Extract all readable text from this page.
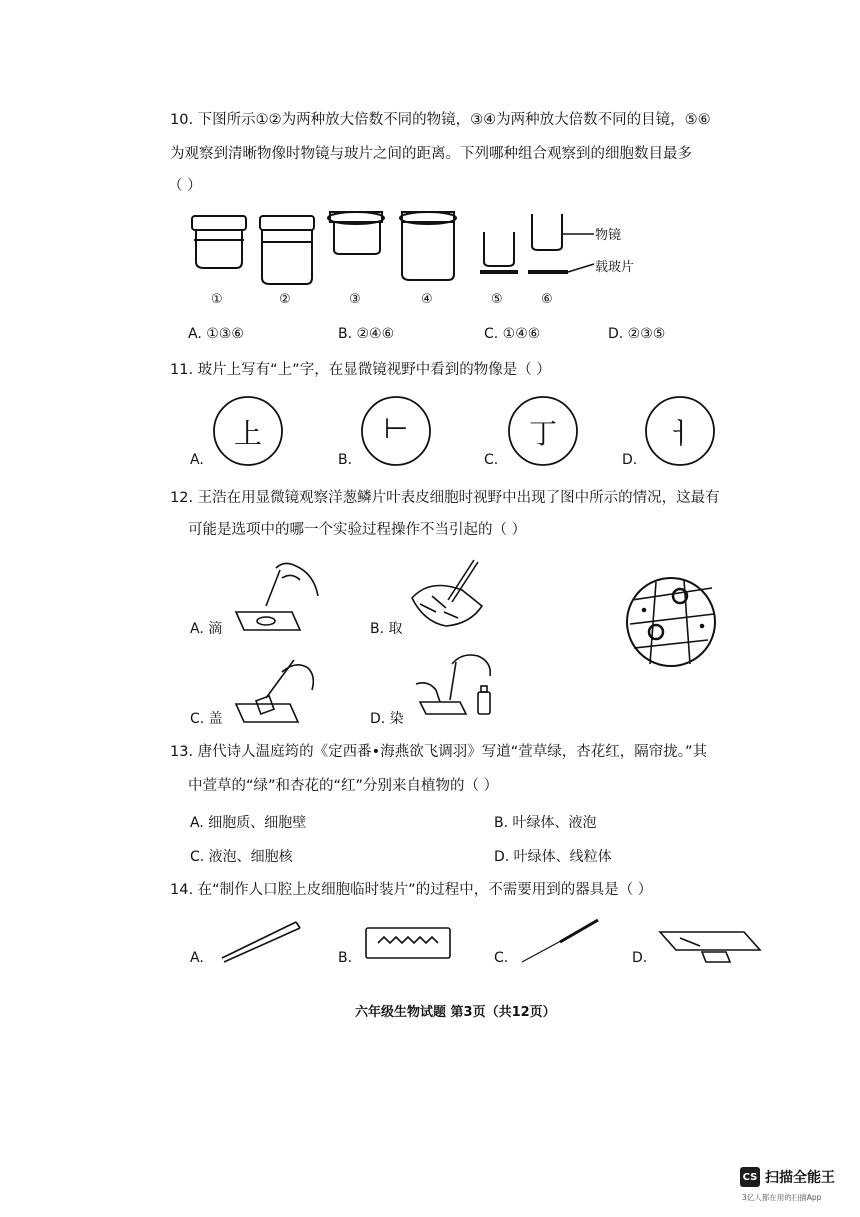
10. 下图所示①②为两种放大倍数不同的物镜，③④为两种放大倍数不同的目镜，⑤⑥
为观察到清晰物像时物镜与玻片之间的距离。下列哪种组合观察到的细胞数目最多
（ ）
物镜
载玻片
①	②	③	④	⑤	⑥
A. ①③⑥	B. ②④⑥	C. ①④⑥	D. ②③⑤
11. 玻片上写有“上”字，在显微镜视野中看到的物像是（ ）
上	⊢	丁	ㅓ
A.	B.	C.	D.
12. 王浩在用显微镜观察洋葱鳞片叶表皮细胞时视野中出现了图中所示的情况，这最有
可能是选项中的哪一个实验过程操作不当引起的（ ）
A. 滴	B. 取
C. 盖	D. 染
13. 唐代诗人温庭筠的《定西番•海燕欲飞调羽》写道“萱草绿，杏花红，隔帘拢。”其
中萱草的“绿”和杏花的“红”分别来自植物的（ ）
A. 细胞质、细胞壁	B. 叶绿体、液泡
C. 液泡、细胞核	D. 叶绿体、线粒体
14. 在“制作人口腔上皮细胞临时装片”的过程中，不需要用到的器具是（ ）
A.	B.	C.	D.
六年级生物试题 第3页（共12页）
CS 扫描全能王
3亿人都在用的扫描App
